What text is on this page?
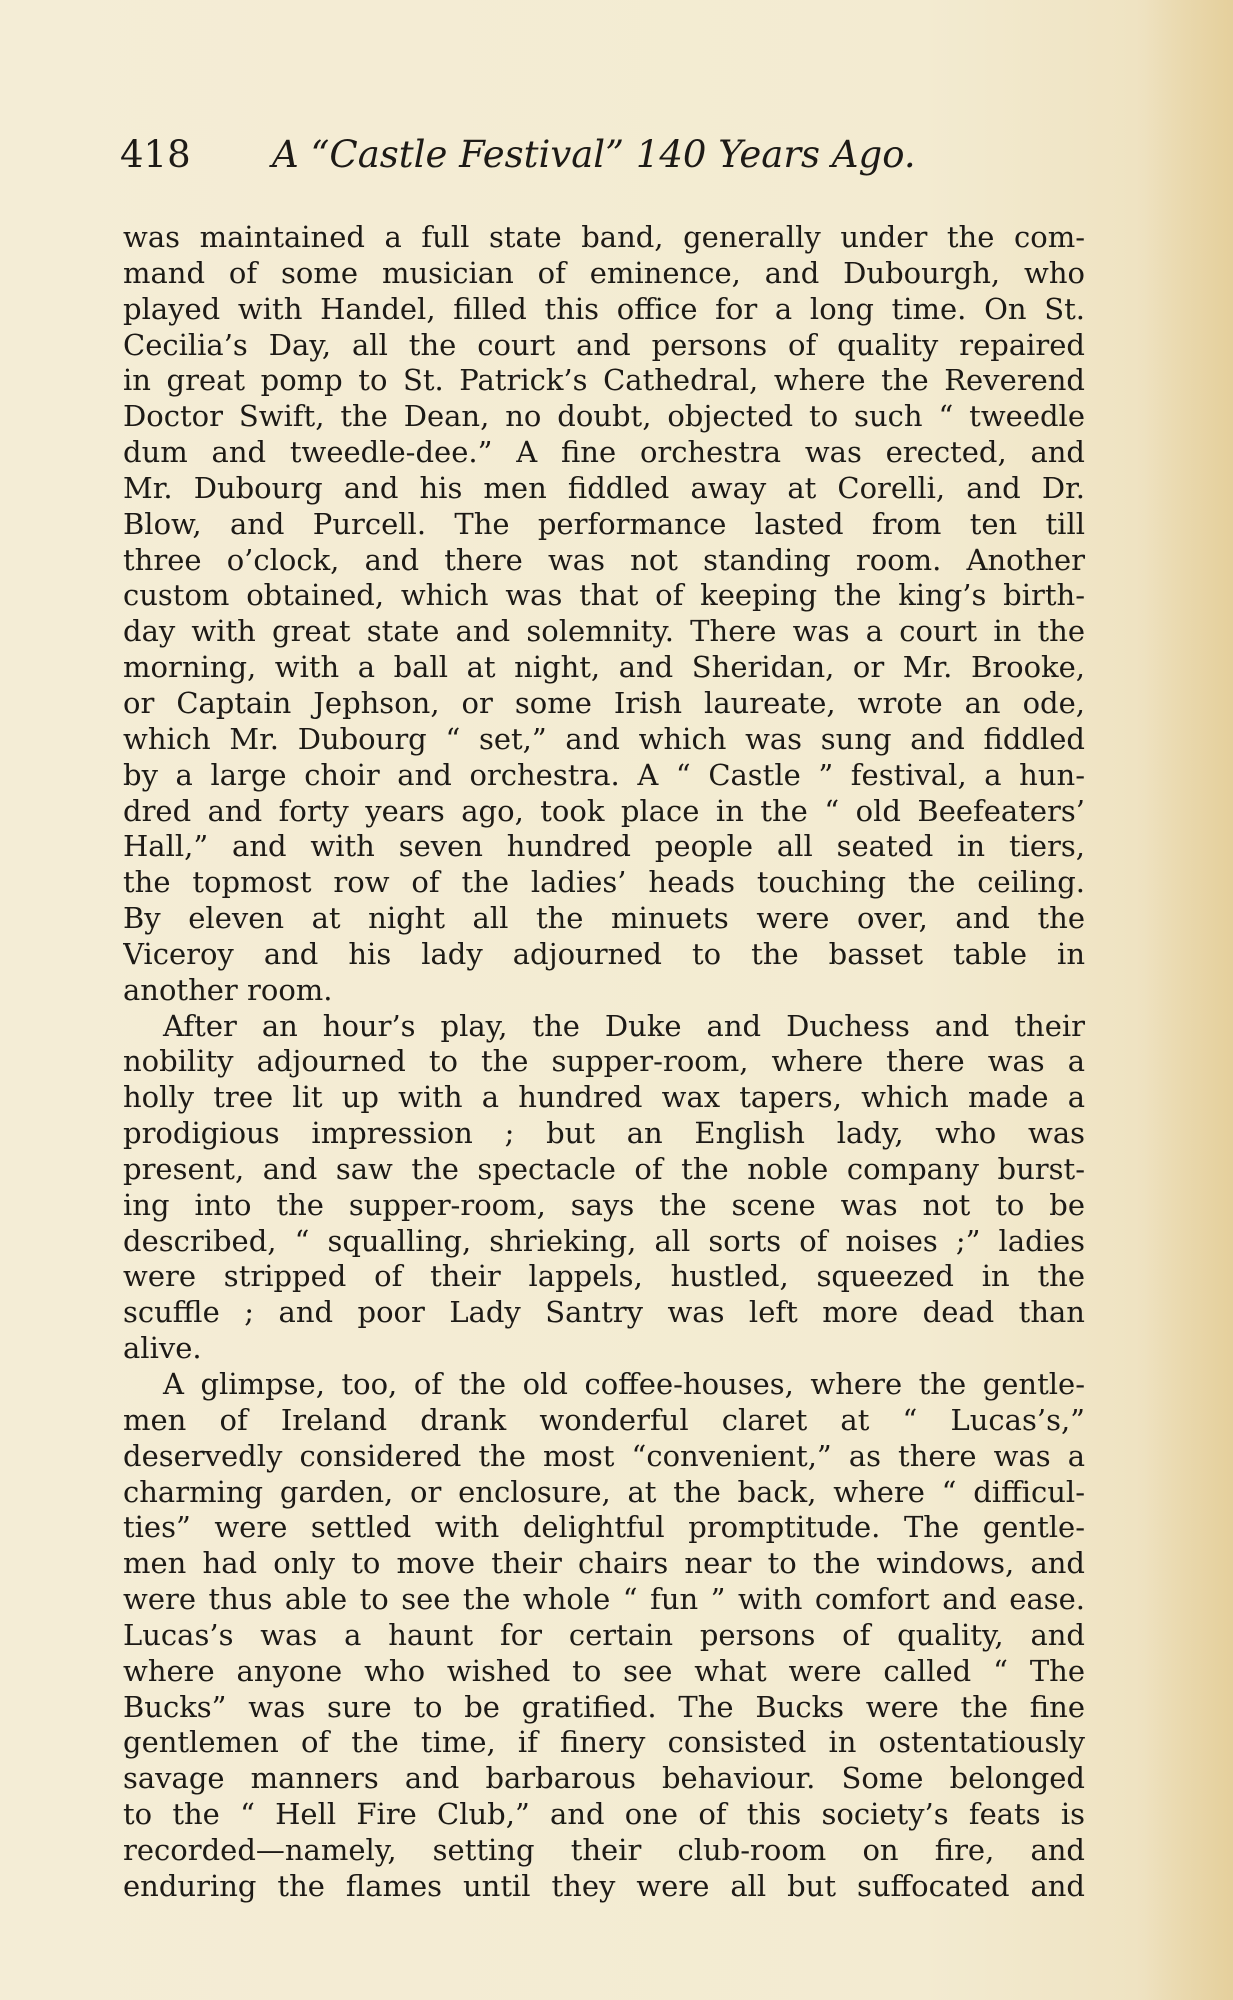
418 A “Castle Festival” 140 Years Ago.
was maintained a full state band, generally under the com-
mand of some musician of eminence, and Dubourgh, who
played with Handel, filled this office for a long time. On St.
Cecilia’s Day, all the court and persons of quality repaired
in great pomp to St. Patrick’s Cathedral, where the Reverend
Doctor Swift, the Dean, no doubt, objected to such “ tweedle
dum and tweedle-dee.” A fine orchestra was erected, and
Mr. Dubourg and his men fiddled away at Corelli, and Dr.
Blow, and Purcell. The performance lasted from ten till
three o’clock, and there was not standing room. Another
custom obtained, which was that of keeping the king’s birth-
day with great state and solemnity. There was a court in the
morning, with a ball at night, and Sheridan, or Mr. Brooke,
or Captain Jephson, or some Irish laureate, wrote an ode,
which Mr. Dubourg “ set,” and which was sung and fiddled
by a large choir and orchestra. A “ Castle ” festival, a hun-
dred and forty years ago, took place in the “ old Beefeaters’
Hall,” and with seven hundred people all seated in tiers,
the topmost row of the ladies’ heads touching the ceiling.
By eleven at night all the minuets were over, and the
Viceroy and his lady adjourned to the basset table in
another room.
After an hour’s play, the Duke and Duchess and their
nobility adjourned to the supper-room, where there was a
holly tree lit up with a hundred wax tapers, which made a
prodigious impression ; but an English lady, who was
present, and saw the spectacle of the noble company burst-
ing into the supper-room, says the scene was not to be
described, “ squalling, shrieking, all sorts of noises ;” ladies
were stripped of their lappels, hustled, squeezed in the
scuffle ; and poor Lady Santry was left more dead than
alive.
A glimpse, too, of the old coffee-houses, where the gentle-
men of Ireland drank wonderful claret at “ Lucas’s,”
deservedly considered the most “convenient,” as there was a
charming garden, or enclosure, at the back, where “ difficul-
ties” were settled with delightful promptitude. The gentle-
men had only to move their chairs near to the windows, and
were thus able to see the whole “ fun ” with comfort and ease.
Lucas’s was a haunt for certain persons of quality, and
where anyone who wished to see what were called “ The
Bucks” was sure to be gratified. The Bucks were the fine
gentlemen of the time, if finery consisted in ostentatiously
savage manners and barbarous behaviour. Some belonged
to the “ Hell Fire Club,” and one of this society’s feats is
recorded—namely, setting their club-room on fire, and
enduring the flames until they were all but suffocated and
